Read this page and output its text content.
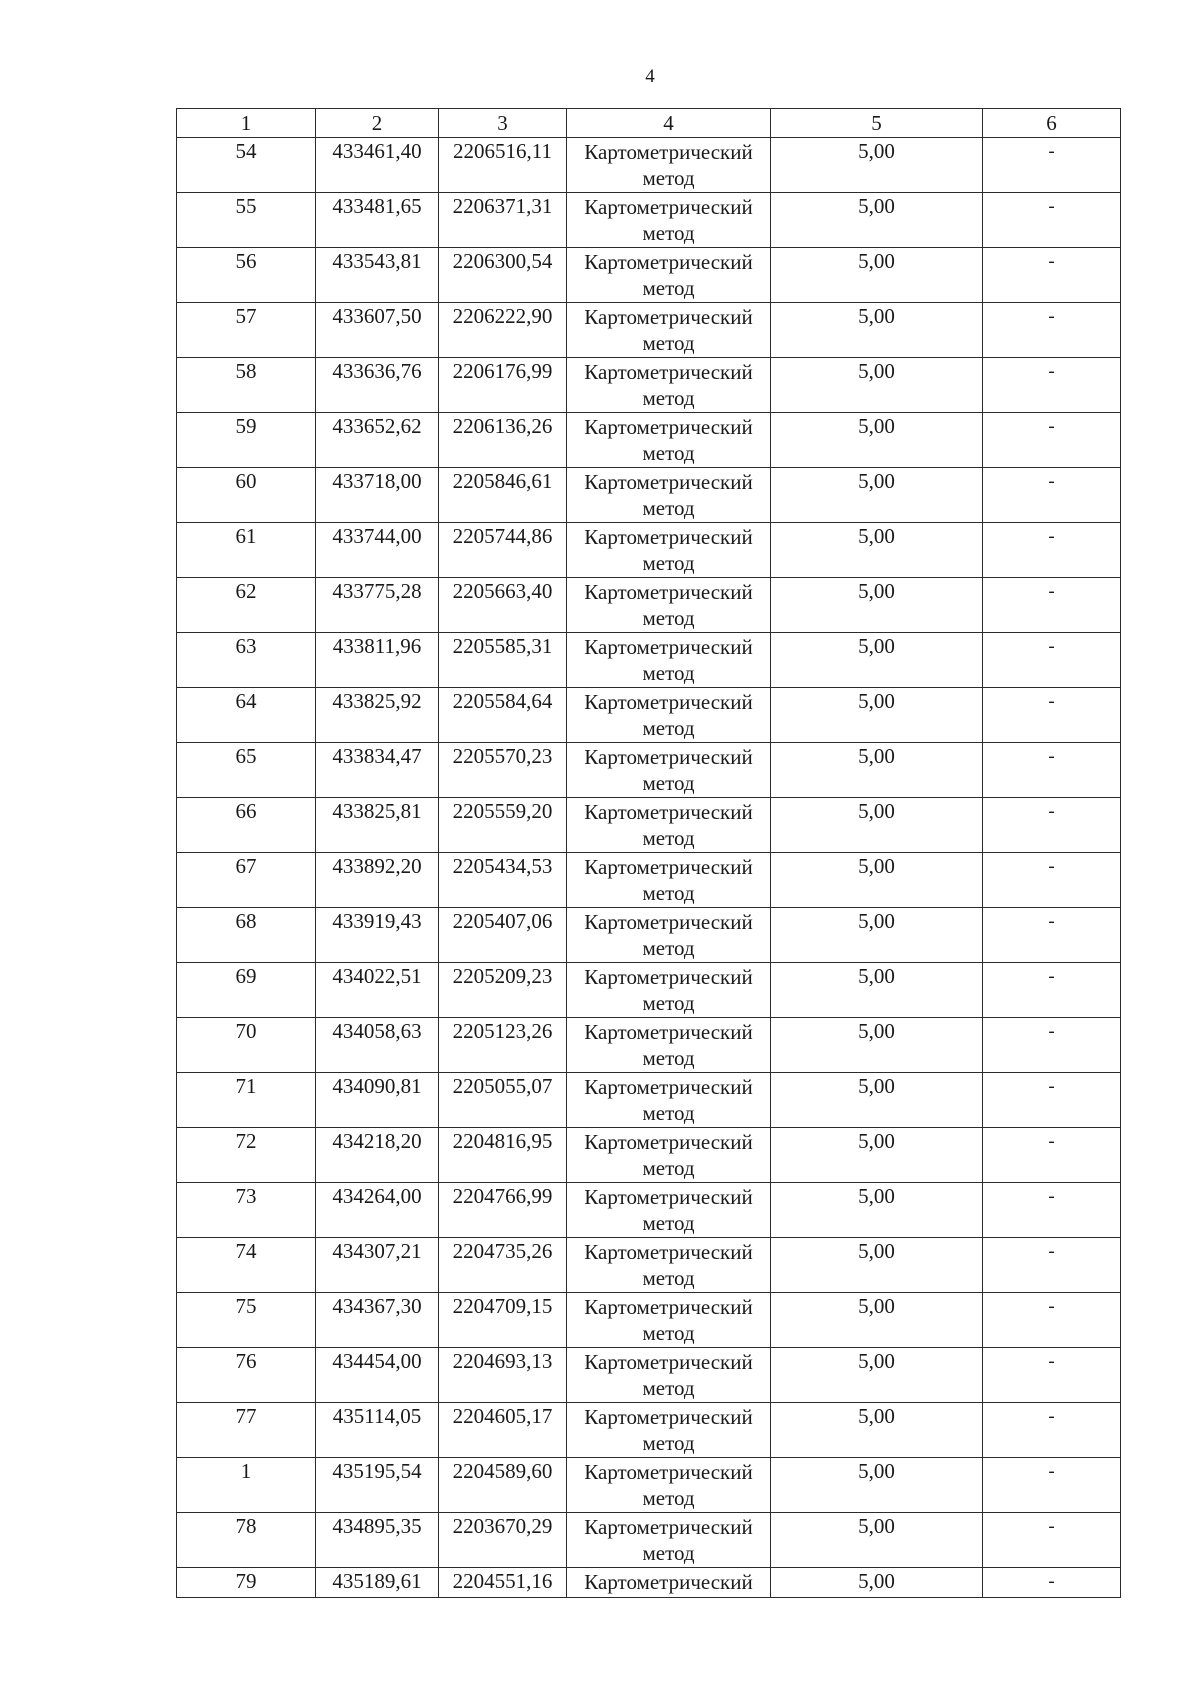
4
1	2	3	4	5	6
54	433461,40	2206516,11	Картометрический метод	5,00	-
55	433481,65	2206371,31	Картометрический метод	5,00	-
56	433543,81	2206300,54	Картометрический метод	5,00	-
57	433607,50	2206222,90	Картометрический метод	5,00	-
58	433636,76	2206176,99	Картометрический метод	5,00	-
59	433652,62	2206136,26	Картометрический метод	5,00	-
60	433718,00	2205846,61	Картометрический метод	5,00	-
61	433744,00	2205744,86	Картометрический метод	5,00	-
62	433775,28	2205663,40	Картометрический метод	5,00	-
63	433811,96	2205585,31	Картометрический метод	5,00	-
64	433825,92	2205584,64	Картометрический метод	5,00	-
65	433834,47	2205570,23	Картометрический метод	5,00	-
66	433825,81	2205559,20	Картометрический метод	5,00	-
67	433892,20	2205434,53	Картометрический метод	5,00	-
68	433919,43	2205407,06	Картометрический метод	5,00	-
69	434022,51	2205209,23	Картометрический метод	5,00	-
70	434058,63	2205123,26	Картометрический метод	5,00	-
71	434090,81	2205055,07	Картометрический метод	5,00	-
72	434218,20	2204816,95	Картометрический метод	5,00	-
73	434264,00	2204766,99	Картометрический метод	5,00	-
74	434307,21	2204735,26	Картометрический метод	5,00	-
75	434367,30	2204709,15	Картометрический метод	5,00	-
76	434454,00	2204693,13	Картометрический метод	5,00	-
77	435114,05	2204605,17	Картометрический метод	5,00	-
1	435195,54	2204589,60	Картометрический метод	5,00	-
78	434895,35	2203670,29	Картометрический метод	5,00	-
79	435189,61	2204551,16	Картометрический	5,00	-
